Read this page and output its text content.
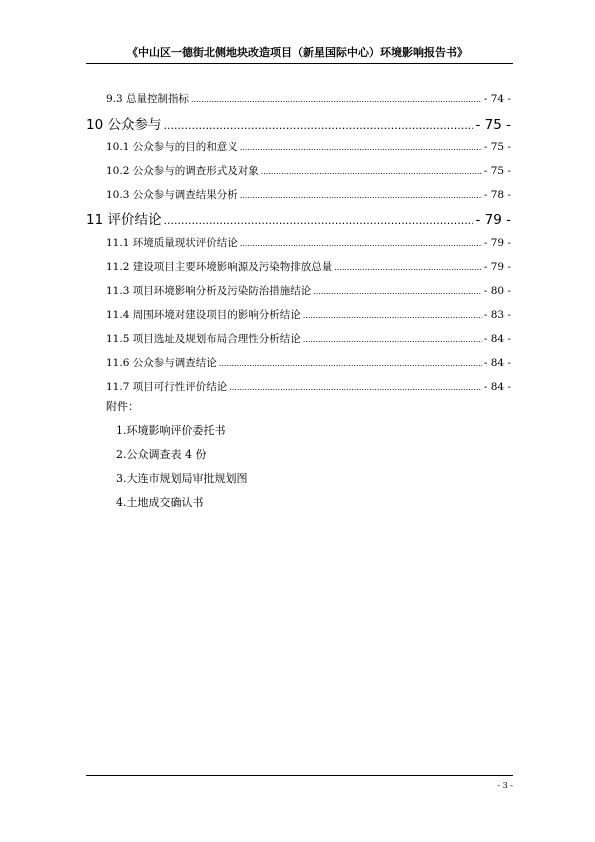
《中山区一德街北侧地块改造项目（新星国际中心）环境影响报告书》
9.3 总量控制指标 .....	- 74 -
10 公众参与 .....	- 75 -
10.1 公众参与的目的和意义 .....	- 75 -
10.2 公众参与的调查形式及对象 .....	- 75 -
10.3 公众参与调查结果分析 .....	- 78 -
11 评价结论 .....	- 79 -
11.1 环境质量现状评价结论 .....	- 79 -
11.2 建设项目主要环境影响源及污染物排放总量 .....	- 79 -
11.3 项目环境影响分析及污染防治措施结论 .....	- 80 -
11.4 周围环境对建设项目的影响分析结论 .....	- 83 -
11.5 项目选址及规划布局合理性分析结论 .....	- 84 -
11.6 公众参与调查结论 .....	- 84 -
11.7 项目可行性评价结论 .....	- 84 -
附件：
1.环境影响评价委托书
2.公众调查表 4 份
3.大连市规划局审批规划图
4.土地成交确认书
- 3 -
